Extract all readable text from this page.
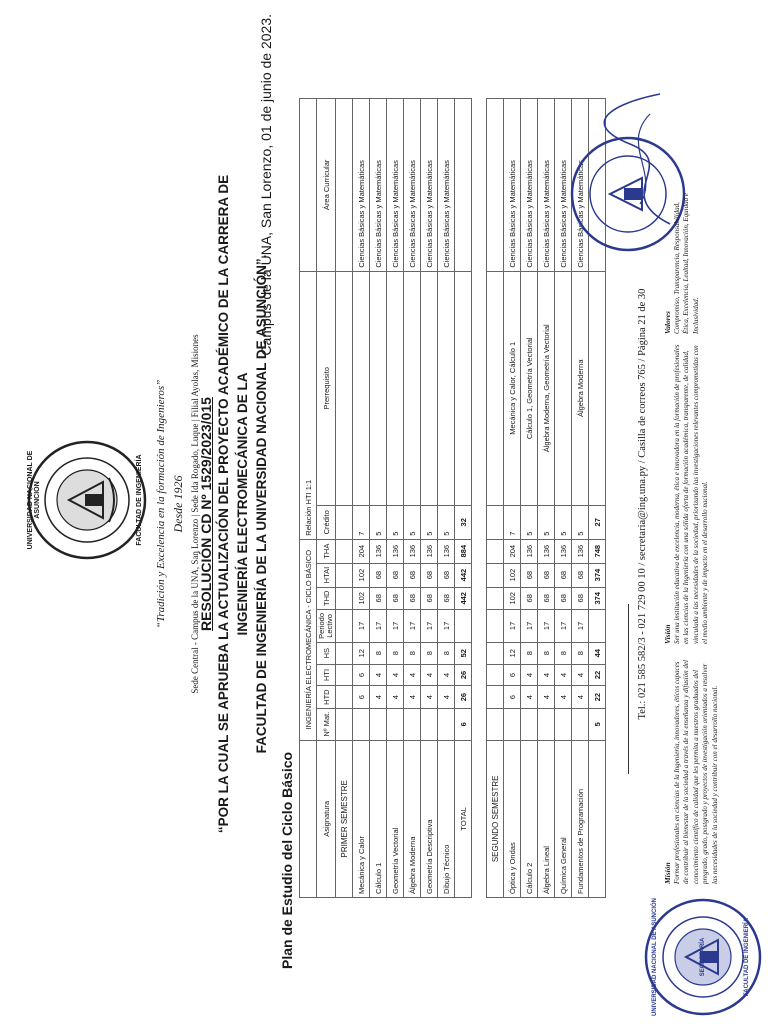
UNIVERSIDAD NACIONAL DE ASUNCIÓN	FACULTAD DE INGENIERÍA “Tradición y Excelencia en la formación de Ingenieros” Desde 1926 Sede Central - Campus de la UNA, San Lorenzo | Sede Ida Rogado, Luque | Filial Ayolas, Misiones
RESOLUCIÓN CD Nº 1529/2023/015 “POR LA CUAL SE APRUEBA LA ACTUALIZACIÓN DEL PROYECTO ACADÉMICO DE LA CARRERA DE INGENIERÍA ELECTROMECÁNICA DE LA FACULTAD DE INGENIERÍA DE LA UNIVERSIDAD NACIONAL DE ASUNCIÓN”.
Campus de la UNA, San Lorenzo, 01 de junio de 2023.
Plan de Estudio del Ciclo Básico
	INGENIERÍA ELECTROMECÁNICA - CICLO BÁSICO								Relación HTI 1:1		
Asignatura	Nº Mat.	HTD	HTI	HS	Periodo Lectivo	THD	HTAI	THA	Crédito	Prerrequisito	Área Curricular
PRIMER SEMESTRE											
Mecánica y Calor		6	6	12	17	102	102	204	7		Ciencias Básicas y Matemáticas
Cálculo 1		4	4	8	17	68	68	136	5		Ciencias Básicas y Matemáticas
Geometría Vectorial		4	4	8	17	68	68	136	5		Ciencias Básicas y Matemáticas
Álgebra Moderna		4	4	8	17	68	68	136	5		Ciencias Básicas y Matemáticas
Geometría Descriptiva		4	4	8	17	68	68	136	5		Ciencias Básicas y Matemáticas
Dibujo Técnico		4	4	8	17	68	68	136	5		Ciencias Básicas y Matemáticas
TOTAL	6	26	26	52		442	442	884	32		

SEGUNDO SEMESTRE											
Óptica y Ondas		6	6	12	17	102	102	204	7	Mecánica y Calor, Cálculo 1	Ciencias Básicas y Matemáticas
Cálculo 2		4	4	8	17	68	68	136	5	Cálculo 1, Geometría Vectorial	Ciencias Básicas y Matemáticas
Álgebra Lineal		4	4	8	17	68	68	136	5	Álgebra Moderna, Geometría Vectorial	Ciencias Básicas y Matemáticas
Química General		4	4	8	17	68	68	136	5		Ciencias Básicas y Matemáticas
Fundamentos de Programación		4	4	8	17	68	68	136	5	Álgebra Moderna	Ciencias Básicas y Matemáticas
	5	22	22	44		374	374	748	27		
UNIVERSIDAD NACIONAL DE ASUNCIÓN	SECRETARÍA	FACULTAD DE INGENIERÍA
Tel.: 021 585 582/3 - 021 729 00 10 / secretaria@ing.una.py / Casilla de correos 765 / Página 21 de 30
Misión Formar profesionales en ciencias de la Ingeniería, innovadores, éticos capaces de contribuir al bienestar de la sociedad a través de la enseñanza y difusión del conocimiento científico de calidad que les permita a nuestros graduados del pregrado, grado, postgrado y proyectos de investigación orientados a resolver las necesidades de la sociedad y contribuir con el desarrollo nacional.
Visión Ser una institución educativa de excelencia, moderna, ética e innovadora en la formación de profesionales en las ciencias de la Ingeniería con una sólida oferta de formación académica, transparente, de calidad, vinculada a las necesidades de la sociedad, priorizando las investigaciones relevantes comprometidas con el medio ambiente y de impacto en el desarrollo nacional.
Valores Compromiso, Transparencia, Responsabilidad, Ética, Excelencia, Lealtad, Innovación, Equidad e Inclusividad.
